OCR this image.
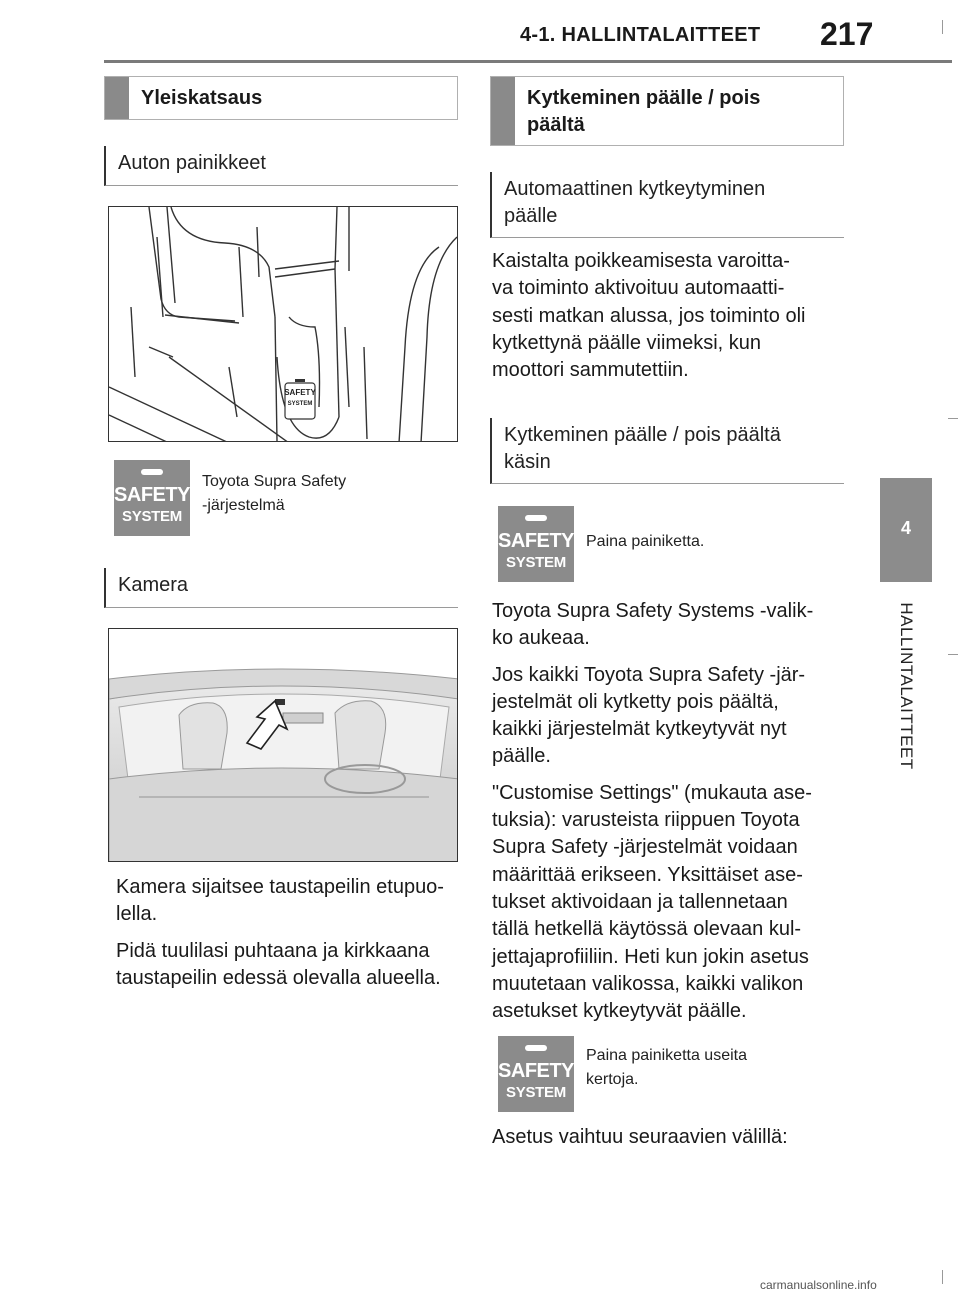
4-1. HALLINTALAITTEET 217
4
HALLINTALAITTEET
Yleiskatsaus
Auton painikkeet
SAFETY
SYSTEM
SAFETY
SYSTEM
Toyota Supra Safety
-järjestelmä
Kamera

Kamera sijaitsee taustapeilin etupuo-
lella.

Pidä tuulilasi puhtaana ja kirkkaana
taustapeilin edessä olevalla alueella.

Kytkeminen päälle / pois
päältä
Automaattinen kytkeytyminen
päälle

Kaistalta poikkeamisesta varoitta-
va toiminto aktivoituu automaatti-
sesti matkan alussa, jos toiminto oli
kytkettynä päälle viimeksi, kun
moottori sammutettiin.

Kytkeminen päälle / pois päältä
käsin
SAFETY
SYSTEM
Paina painiketta.

Toyota Supra Safety Systems -valik-
ko aukeaa.

Jos kaikki Toyota Supra Safety -jär-
jestelmät oli kytketty pois päältä,
kaikki järjestelmät kytkeytyvät nyt
päälle.

"Customise Settings" (mukauta ase-
tuksia): varusteista riippuen Toyota
Supra Safety -järjestelmät voidaan
määrittää erikseen. Yksittäiset ase-
tukset aktivoidaan ja tallennetaan
tällä hetkellä käytössä olevaan kul-
jettajaprofiiliin. Heti kun jokin asetus
muutetaan valikossa, kaikki valikon
asetukset kytkeytyvät päälle.

SAFETY
SYSTEM
Paina painiketta useita
kertoja.
Asetus vaihtuu seuraavien välillä:
carmanualsonline.info
